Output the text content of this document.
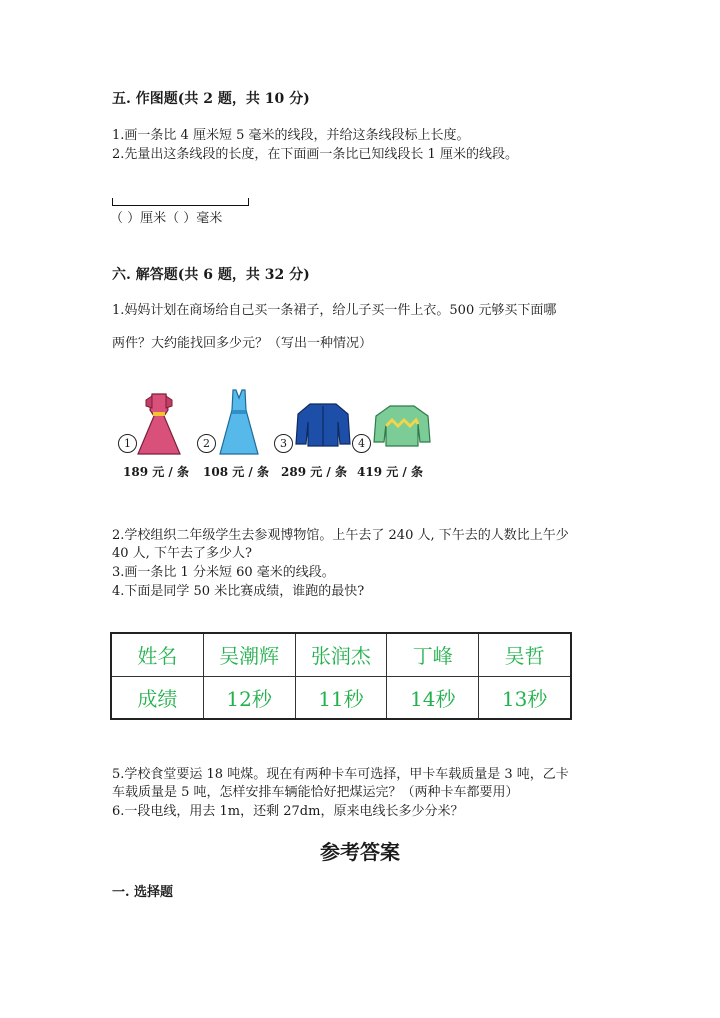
五. 作图题(共 2 题，共 10 分)
1.画一条比 4 厘米短 5 毫米的线段，并给这条线段标上长度。
2.先量出这条线段的长度，在下面画一条比已知线段长 1 厘米的线段。
（ ）厘米（ ）毫米
六. 解答题(共 6 题，共 32 分)
1.妈妈计划在商场给自己买一条裙子，给儿子买一件上衣。500 元够买下面哪
两件？大约能找回多少元？（写出一种情况）
1
189 元 / 条
2
108 元 / 条
3
289 元 / 条
4
419 元 / 条
2.学校组织二年级学生去参观博物馆。上午去了 240 人, 下午去的人数比上午少
40 人, 下午去了多少人?
3.画一条比 1 分米短 60 毫米的线段。
4.下面是同学 50 米比赛成绩，谁跑的最快?
姓名	吴潮辉	张润杰	丁峰	吴哲
成绩	12秒	11秒	14秒	13秒
5.学校食堂要运 18 吨煤。现在有两种卡车可选择，甲卡车载质量是 3 吨，乙卡
车载质量是 5 吨，怎样安排车辆能恰好把煤运完？（两种卡车都要用）
6.一段电线，用去 1m，还剩 27dm，原来电线长多少分米？
参考答案
一. 选择题
